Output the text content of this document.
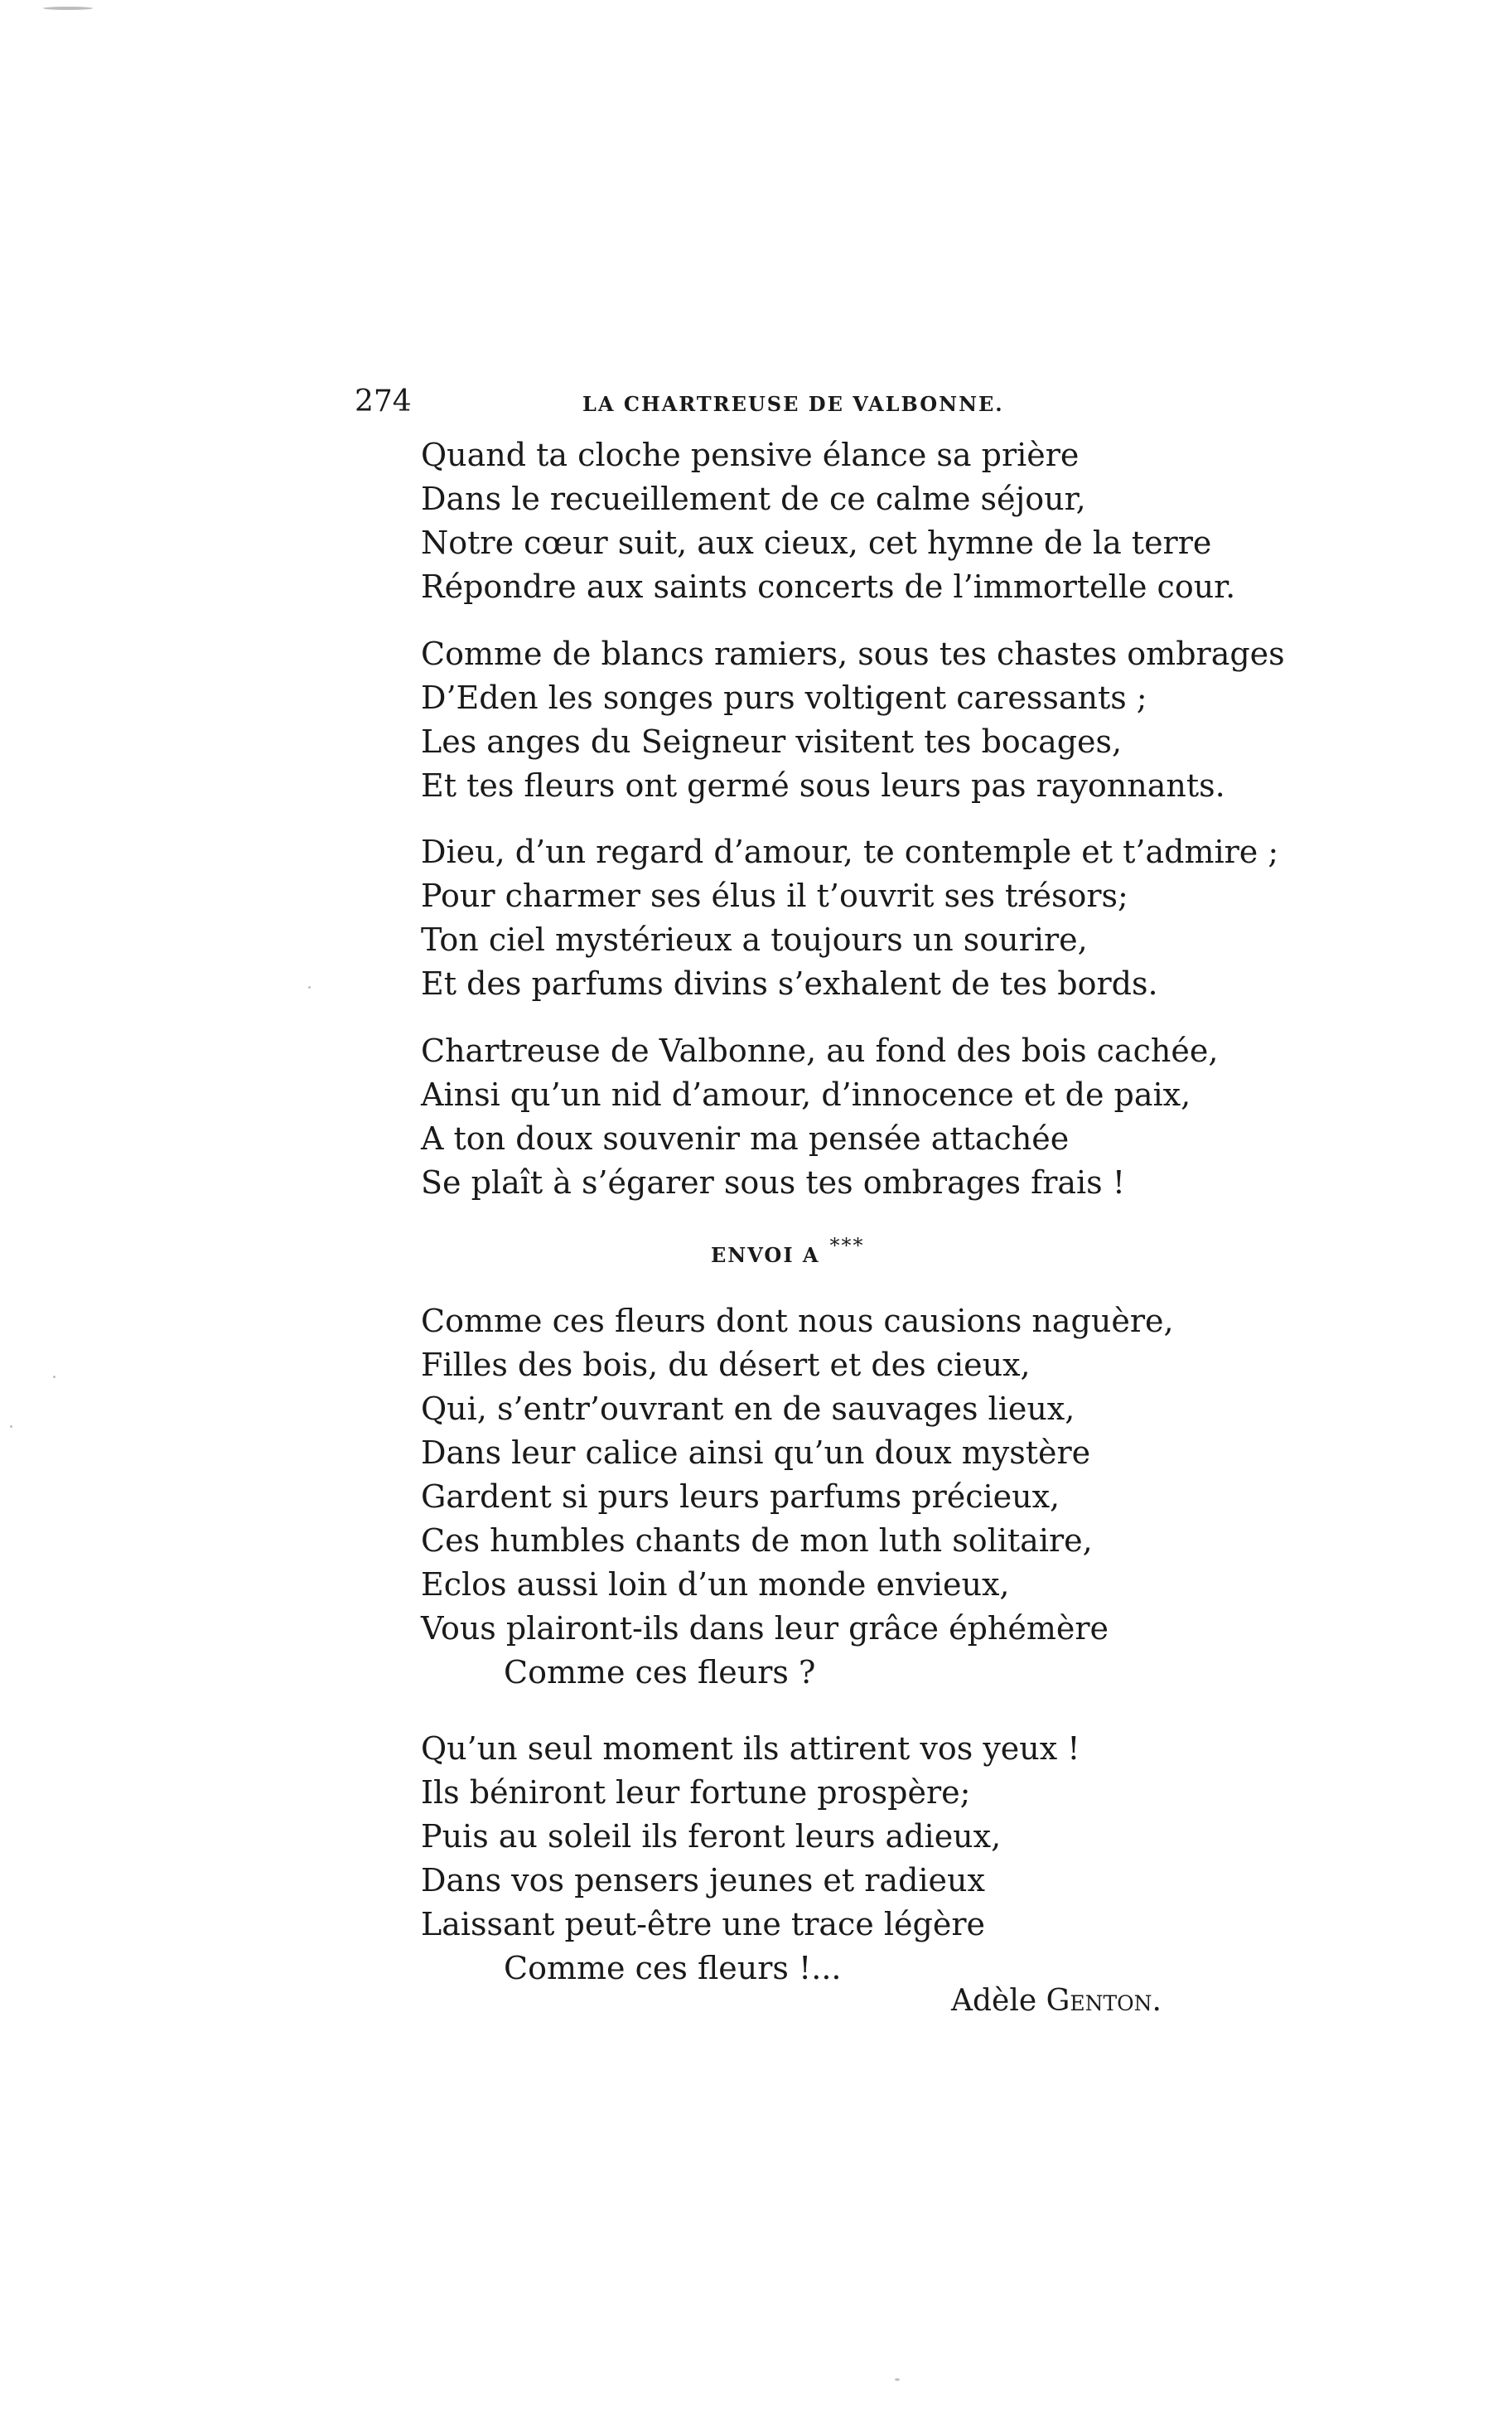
274	LA CHARTREUSE DE VALBONNE.
Quand ta cloche pensive élance sa prière
Dans le recueillement de ce calme séjour,
Notre cœur suit, aux cieux, cet hymne de la terre
Répondre aux saints concerts de l’immortelle cour.
Comme de blancs ramiers, sous tes chastes ombrages
D’Eden les songes purs voltigent caressants ;
Les anges du Seigneur visitent tes bocages,
Et tes fleurs ont germé sous leurs pas rayonnants.
Dieu, d’un regard d’amour, te contemple et t’admire ;
Pour charmer ses élus il t’ouvrit ses trésors;
Ton ciel mystérieux a toujours un sourire,
Et des parfums divins s’exhalent de tes bords.
Chartreuse de Valbonne, au fond des bois cachée,
Ainsi qu’un nid d’amour, d’innocence et de paix,
A ton doux souvenir ma pensée attachée
Se plaît à s’égarer sous tes ombrages frais !
ENVOI A ***
Comme ces fleurs dont nous causions naguère,
Filles des bois, du désert et des cieux,
Qui, s’entr’ouvrant en de sauvages lieux,
Dans leur calice ainsi qu’un doux mystère
Gardent si purs leurs parfums précieux,
Ces humbles chants de mon luth solitaire,
Eclos aussi loin d’un monde envieux,
Vous plairont-ils dans leur grâce éphémère
Comme ces fleurs ?
Qu’un seul moment ils attirent vos yeux !
Ils béniront leur fortune prospère;
Puis au soleil ils feront leurs adieux,
Dans vos pensers jeunes et radieux
Laissant peut-être une trace légère
Comme ces fleurs !...
Adèle Genton.
